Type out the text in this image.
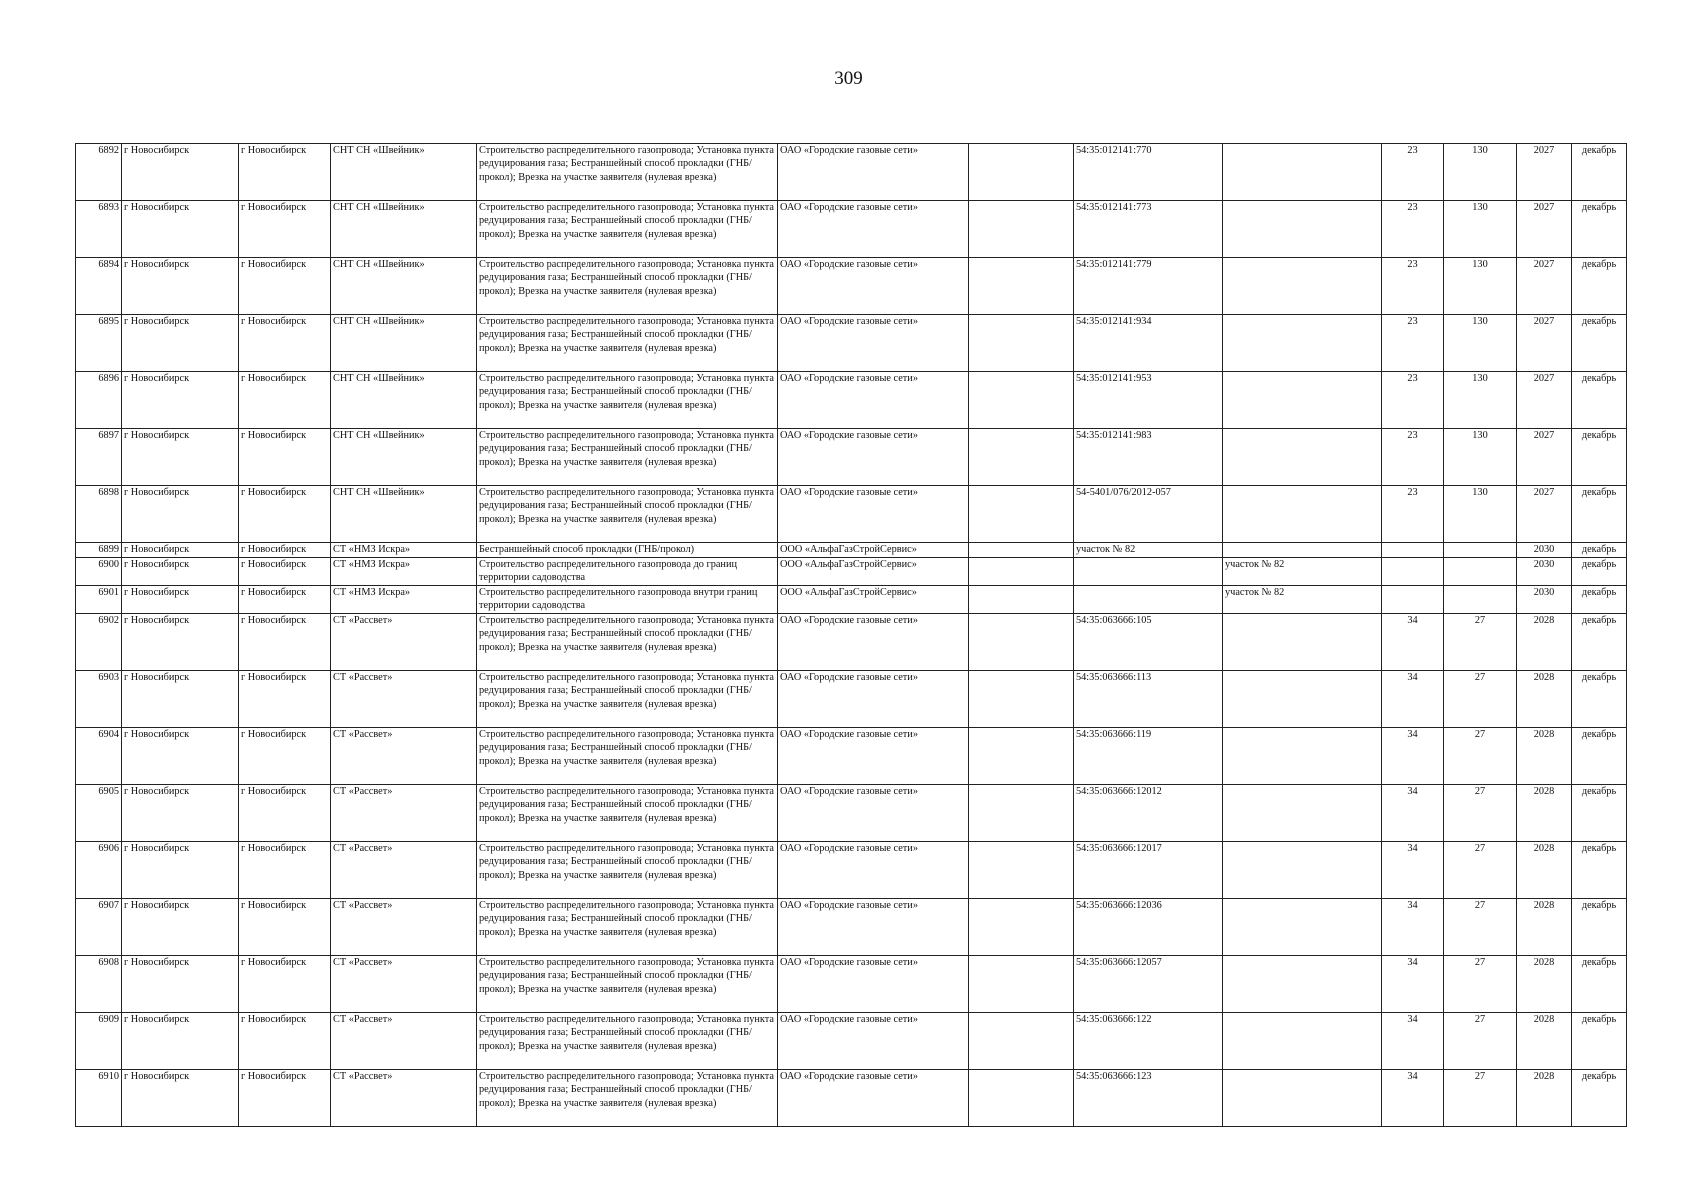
309
6892	г Новосибирск	г Новосибирск	СНТ СН «Швейник»	Строительство распределительного газопровода; Установка пункта редуцирования газа; Бестраншейный способ прокладки (ГНБ/прокол); Врезка на участке заявителя (нулевая врезка)	ОАО «Городские газовые сети»		54:35:012141:770		23	130	2027	декабрь
6893	г Новосибирск	г Новосибирск	СНТ СН «Швейник»	Строительство распределительного газопровода; Установка пункта редуцирования газа; Бестраншейный способ прокладки (ГНБ/прокол); Врезка на участке заявителя (нулевая врезка)	ОАО «Городские газовые сети»		54:35:012141:773		23	130	2027	декабрь
6894	г Новосибирск	г Новосибирск	СНТ СН «Швейник»	Строительство распределительного газопровода; Установка пункта редуцирования газа; Бестраншейный способ прокладки (ГНБ/прокол); Врезка на участке заявителя (нулевая врезка)	ОАО «Городские газовые сети»		54:35:012141:779		23	130	2027	декабрь
6895	г Новосибирск	г Новосибирск	СНТ СН «Швейник»	Строительство распределительного газопровода; Установка пункта редуцирования газа; Бестраншейный способ прокладки (ГНБ/прокол); Врезка на участке заявителя (нулевая врезка)	ОАО «Городские газовые сети»		54:35:012141:934		23	130	2027	декабрь
6896	г Новосибирск	г Новосибирск	СНТ СН «Швейник»	Строительство распределительного газопровода; Установка пункта редуцирования газа; Бестраншейный способ прокладки (ГНБ/прокол); Врезка на участке заявителя (нулевая врезка)	ОАО «Городские газовые сети»		54:35:012141:953		23	130	2027	декабрь
6897	г Новосибирск	г Новосибирск	СНТ СН «Швейник»	Строительство распределительного газопровода; Установка пункта редуцирования газа; Бестраншейный способ прокладки (ГНБ/прокол); Врезка на участке заявителя (нулевая врезка)	ОАО «Городские газовые сети»		54:35:012141:983		23	130	2027	декабрь
6898	г Новосибирск	г Новосибирск	СНТ СН «Швейник»	Строительство распределительного газопровода; Установка пункта редуцирования газа; Бестраншейный способ прокладки (ГНБ/прокол); Врезка на участке заявителя (нулевая врезка)	ОАО «Городские газовые сети»		54-5401/076/2012-057		23	130	2027	декабрь
6899	г Новосибирск	г Новосибирск	СТ «НМЗ Искра»	Бестраншейный способ прокладки (ГНБ/прокол)	ООО «АльфаГазСтройСервис»		участок № 82				2030	декабрь
6900	г Новосибирск	г Новосибирск	СТ «НМЗ Искра»	Строительство распределительного газопровода до границ территории садоводства	ООО «АльфаГазСтройСервис»			участок № 82			2030	декабрь
6901	г Новосибирск	г Новосибирск	СТ «НМЗ Искра»	Строительство распределительного газопровода внутри границ территории садоводства	ООО «АльфаГазСтройСервис»			участок № 82			2030	декабрь
6902	г Новосибирск	г Новосибирск	СТ «Рассвет»	Строительство распределительного газопровода; Установка пункта редуцирования газа; Бестраншейный способ прокладки (ГНБ/прокол); Врезка на участке заявителя (нулевая врезка)	ОАО «Городские газовые сети»		54:35:063666:105		34	27	2028	декабрь
6903	г Новосибирск	г Новосибирск	СТ «Рассвет»	Строительство распределительного газопровода; Установка пункта редуцирования газа; Бестраншейный способ прокладки (ГНБ/прокол); Врезка на участке заявителя (нулевая врезка)	ОАО «Городские газовые сети»		54:35:063666:113		34	27	2028	декабрь
6904	г Новосибирск	г Новосибирск	СТ «Рассвет»	Строительство распределительного газопровода; Установка пункта редуцирования газа; Бестраншейный способ прокладки (ГНБ/прокол); Врезка на участке заявителя (нулевая врезка)	ОАО «Городские газовые сети»		54:35:063666:119		34	27	2028	декабрь
6905	г Новосибирск	г Новосибирск	СТ «Рассвет»	Строительство распределительного газопровода; Установка пункта редуцирования газа; Бестраншейный способ прокладки (ГНБ/прокол); Врезка на участке заявителя (нулевая врезка)	ОАО «Городские газовые сети»		54:35:063666:12012		34	27	2028	декабрь
6906	г Новосибирск	г Новосибирск	СТ «Рассвет»	Строительство распределительного газопровода; Установка пункта редуцирования газа; Бестраншейный способ прокладки (ГНБ/прокол); Врезка на участке заявителя (нулевая врезка)	ОАО «Городские газовые сети»		54:35:063666:12017		34	27	2028	декабрь
6907	г Новосибирск	г Новосибирск	СТ «Рассвет»	Строительство распределительного газопровода; Установка пункта редуцирования газа; Бестраншейный способ прокладки (ГНБ/прокол); Врезка на участке заявителя (нулевая врезка)	ОАО «Городские газовые сети»		54:35:063666:12036		34	27	2028	декабрь
6908	г Новосибирск	г Новосибирск	СТ «Рассвет»	Строительство распределительного газопровода; Установка пункта редуцирования газа; Бестраншейный способ прокладки (ГНБ/прокол); Врезка на участке заявителя (нулевая врезка)	ОАО «Городские газовые сети»		54:35:063666:12057		34	27	2028	декабрь
6909	г Новосибирск	г Новосибирск	СТ «Рассвет»	Строительство распределительного газопровода; Установка пункта редуцирования газа; Бестраншейный способ прокладки (ГНБ/прокол); Врезка на участке заявителя (нулевая врезка)	ОАО «Городские газовые сети»		54:35:063666:122		34	27	2028	декабрь
6910	г Новосибирск	г Новосибирск	СТ «Рассвет»	Строительство распределительного газопровода; Установка пункта редуцирования газа; Бестраншейный способ прокладки (ГНБ/прокол); Врезка на участке заявителя (нулевая врезка)	ОАО «Городские газовые сети»		54:35:063666:123		34	27	2028	декабрь
